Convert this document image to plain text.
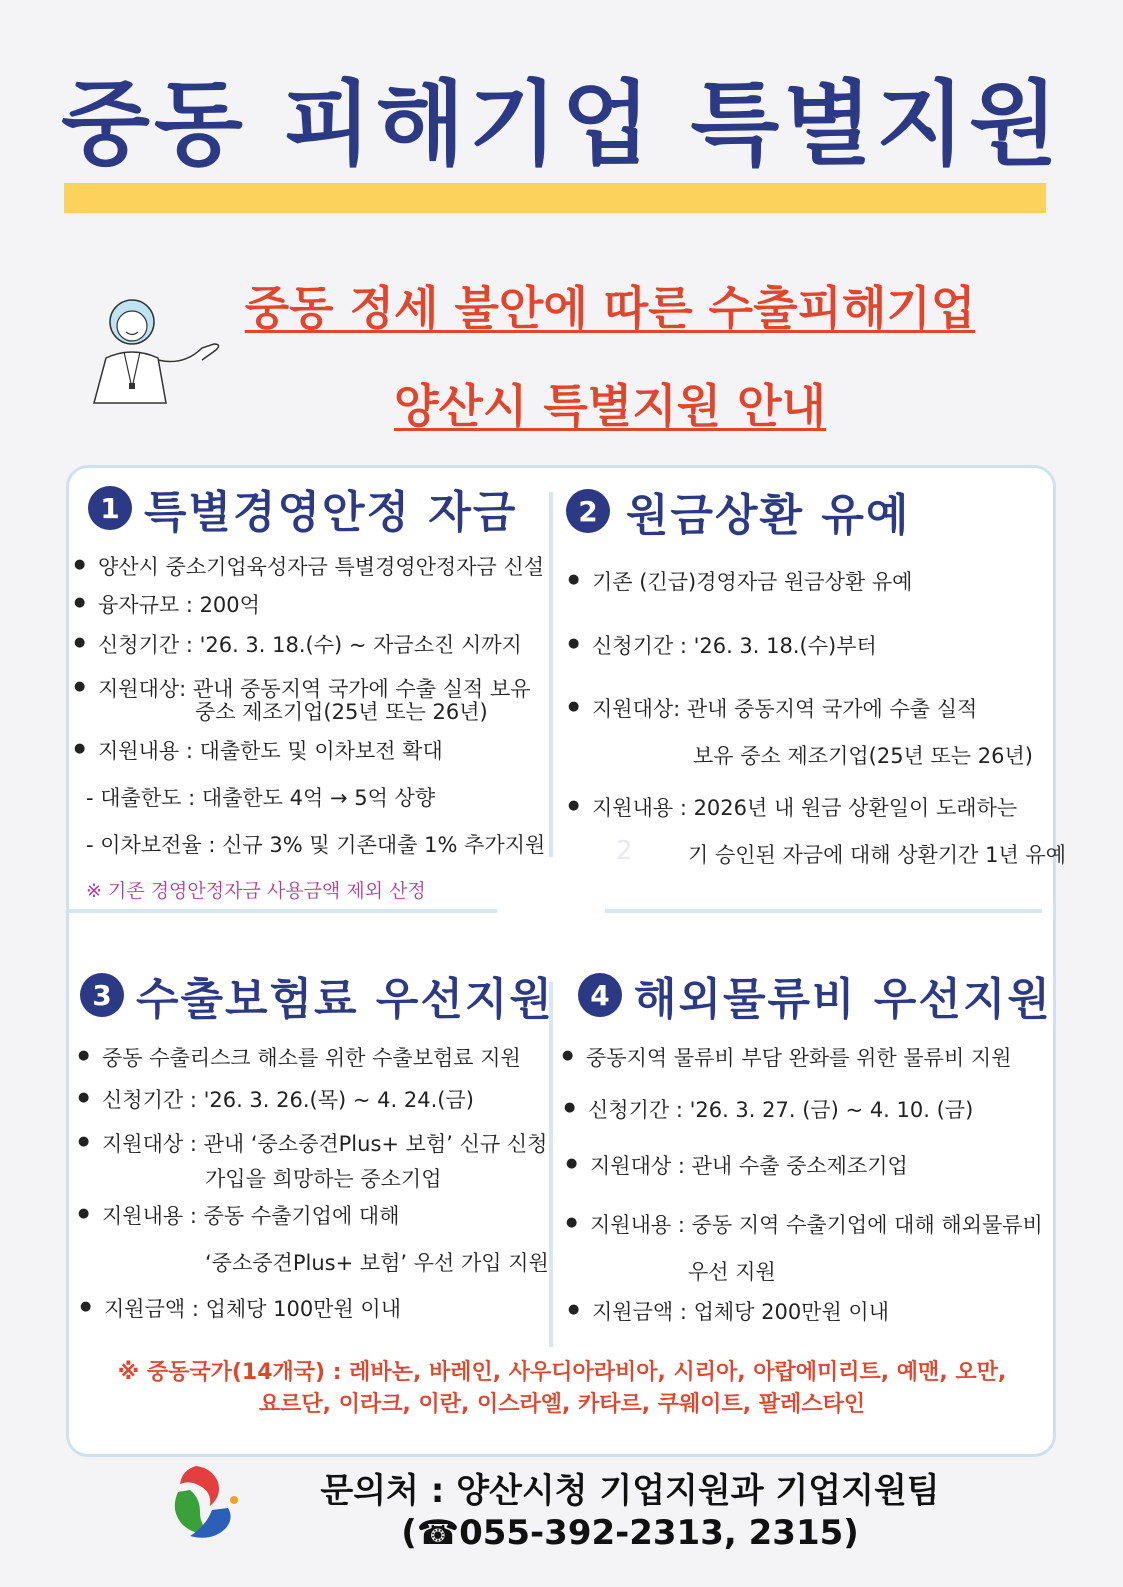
중동 피해기업 특별지원
중동 정세 불안에 따른 수출피해기업
양산시 특별지원 안내
1 특별경영안정 자금
● 양산시 중소기업육성자금 특별경영안정자금 신설
● 융자규모 : 200억
● 신청기간 : '26. 3. 18.(수) ~ 자금소진 시까지
● 지원대상: 관내 중동지역 국가에 수출 실적 보유
중소 제조기업(25년 또는 26년)
● 지원내용 : 대출한도 및 이차보전 확대
- 대출한도 : 대출한도 4억 → 5억 상향
- 이차보전율 : 신규 3% 및 기존대출 1% 추가지원
※ 기존 경영안정자금 사용금액 제외 산정
2 원금상환 유예
● 기존 (긴급)경영자금 원금상환 유예
● 신청기간 : '26. 3. 18.(수)부터
● 지원대상: 관내 중동지역 국가에 수출 실적
보유 중소 제조기업(25년 또는 26년)
● 지원내용 : 2026년 내 원금 상환일이 도래하는
기 승인된 자금에 대해 상환기간 1년 유예
2
3 수출보험료 우선지원
● 중동 수출리스크 해소를 위한 수출보험료 지원
● 신청기간 : '26. 3. 26.(목) ~ 4. 24.(금)
● 지원대상 : 관내 ‘중소중견Plus+ 보험’ 신규 신청
가입을 희망하는 중소기업
● 지원내용 : 중동 수출기업에 대해
‘중소중견Plus+ 보험’ 우선 가입 지원
● 지원금액 : 업체당 100만원 이내
4 해외물류비 우선지원
● 중동지역 물류비 부담 완화를 위한 물류비 지원
● 신청기간 : '26. 3. 27. (금) ~ 4. 10. (금)
● 지원대상 : 관내 수출 중소제조기업
● 지원내용 : 중동 지역 수출기업에 대해 해외물류비
우선 지원
● 지원금액 : 업체당 200만원 이내
※ 중동국가(14개국) : 레바논, 바레인, 사우디아라비아, 시리아, 아랍에미리트, 예맨, 오만,
요르단, 이라크, 이란, 이스라엘, 카타르, 쿠웨이트, 팔레스타인
문의처 : 양산시청 기업지원과 기업지원팀
(☎055-392-2313, 2315)
